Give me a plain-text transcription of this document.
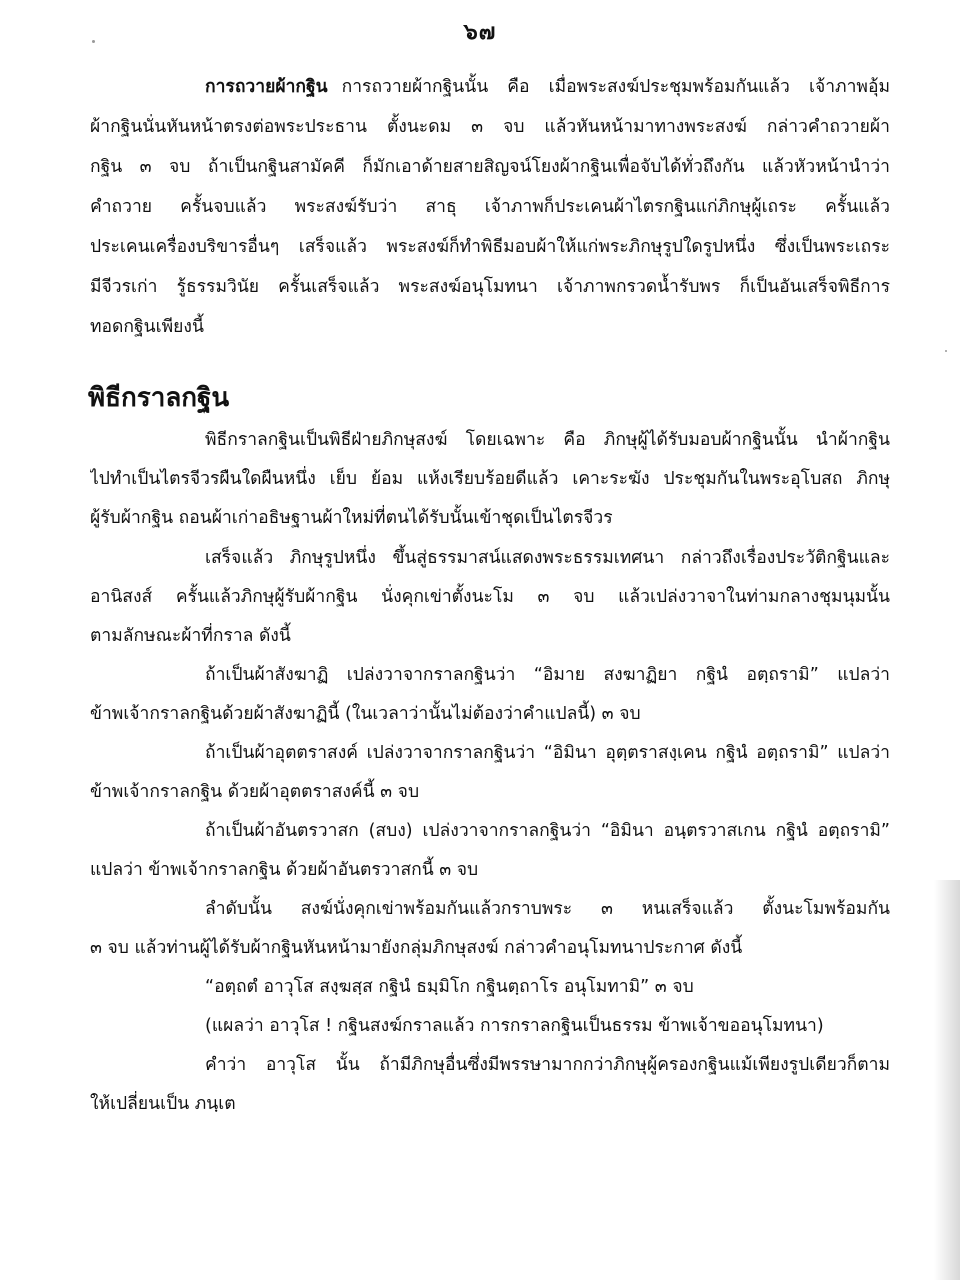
๖๗
การถวายผ้ากฐิน การถวายผ้ากฐินนั้น คือ เมื่อพระสงฆ์ประชุมพร้อมกันแล้ว เจ้าภาพอุ้ม
ผ้ากฐินนั่นหันหน้าตรงต่อพระประธาน ตั้งนะดม ๓ จบ แล้วหันหน้ามาทางพระสงฆ์ กล่าวคำถวายผ้า
กฐิน ๓ จบ ถ้าเป็นกฐินสามัคคี ก็มักเอาด้ายสายสิญจน์โยงผ้ากฐินเพื่อจับได้ทั่วถึงกัน แล้วหัวหน้านำว่า
คำถวาย ครั้นจบแล้ว พระสงฆ์รับว่า สาธุ เจ้าภาพก็ประเคนผ้าไตรกฐินแก่ภิกษุผู้เถระ ครั้นแล้ว
ประเคนเครื่องบริขารอื่นๆ เสร็จแล้ว พระสงฆ์ก็ทำพิธีมอบผ้าให้แก่พระภิกษุรูปใดรูปหนึ่ง ซึ่งเป็นพระเถระ
มีจีวรเก่า รู้ธรรมวินัย ครั้นเสร็จแล้ว พระสงฆ์อนุโมทนา เจ้าภาพกรวดน้ำรับพร ก็เป็นอันเสร็จพิธีการ
ทอดกฐินเพียงนี้
พิธีกราลกฐิน
พิธีกราลกฐินเป็นพิธีฝ่ายภิกษุสงฆ์ โดยเฉพาะ คือ ภิกษุผู้ได้รับมอบผ้ากฐินนั้น นำผ้ากฐิน
ไปทำเป็นไตรจีวรผืนใดผืนหนึ่ง เย็บ ย้อม แห้งเรียบร้อยดีแล้ว เคาะระฆัง ประชุมกันในพระอุโบสถ ภิกษุ
ผู้รับผ้ากฐิน ถอนผ้าเก่าอธิษฐานผ้าใหม่ที่ตนได้รับนั้นเข้าชุดเป็นไตรจีวร
เสร็จแล้ว ภิกษุรูปหนึ่ง ขึ้นสู่ธรรมาสน์แสดงพระธรรมเทศนา กล่าวถึงเรื่องประวัติกฐินและ
อานิสงส์ ครั้นแล้วภิกษุผู้รับผ้ากฐิน นั่งคุกเข่าตั้งนะโม ๓ จบ แล้วเปล่งวาจาในท่ามกลางชุมนุมนั้น
ตามลักษณะผ้าที่กราล ดังนี้
ถ้าเป็นผ้าสังฆาฏิ เปล่งวาจากราลกฐินว่า “อิมาย สงฆาฏิยา กฐินํ อตฺถรามิ” แปลว่า
ข้าพเจ้ากราลกฐินด้วยผ้าสังฆาฏินี้ (ในเวลาว่านั้นไม่ต้องว่าคำแปลนี้) ๓ จบ
ถ้าเป็นผ้าอุตตราสงค์ เปล่งวาจากราลกฐินว่า “อิมินา อุตฺตราสงฺเคน กฐินํ อตฺถรามิ” แปลว่า
ข้าพเจ้ากราลกฐิน ด้วยผ้าอุตตราสงค์นี้ ๓ จบ
ถ้าเป็นผ้าอันตรวาสก (สบง) เปล่งวาจากราลกฐินว่า “อิมินา อนฺตรวาสเกน กฐินํ อตฺถรามิ”
แปลว่า ข้าพเจ้ากราลกฐิน ด้วยผ้าอันตรวาสกนี้ ๓ จบ
ลำดับนั้น สงฆ์นั่งคุกเข่าพร้อมกันแล้วกราบพระ ๓ หนเสร็จแล้ว ตั้งนะโมพร้อมกัน
๓ จบ แล้วท่านผู้ได้รับผ้ากฐินหันหน้ามายังกลุ่มภิกษุสงฆ์ กล่าวคำอนุโมทนาประกาศ ดังนี้
“อตฺถตํ อาวุโส สงฺฆสฺส กฐินํ ธมฺมิโก กฐินตฺถาโร อนุโมทามิ” ๓ จบ
(แผลว่า อาวุโส ! กฐินสงฆ์กราลแล้ว การกราลกฐินเป็นธรรม ข้าพเจ้าขออนุโมทนา)
คำว่า อาวุโส นั้น ถ้ามีภิกษุอื่นซึ่งมีพรรษามากกว่าภิกษุผู้ครองกฐินแม้เพียงรูปเดียวก็ตาม
ให้เปลี่ยนเป็น ภนฺเต
